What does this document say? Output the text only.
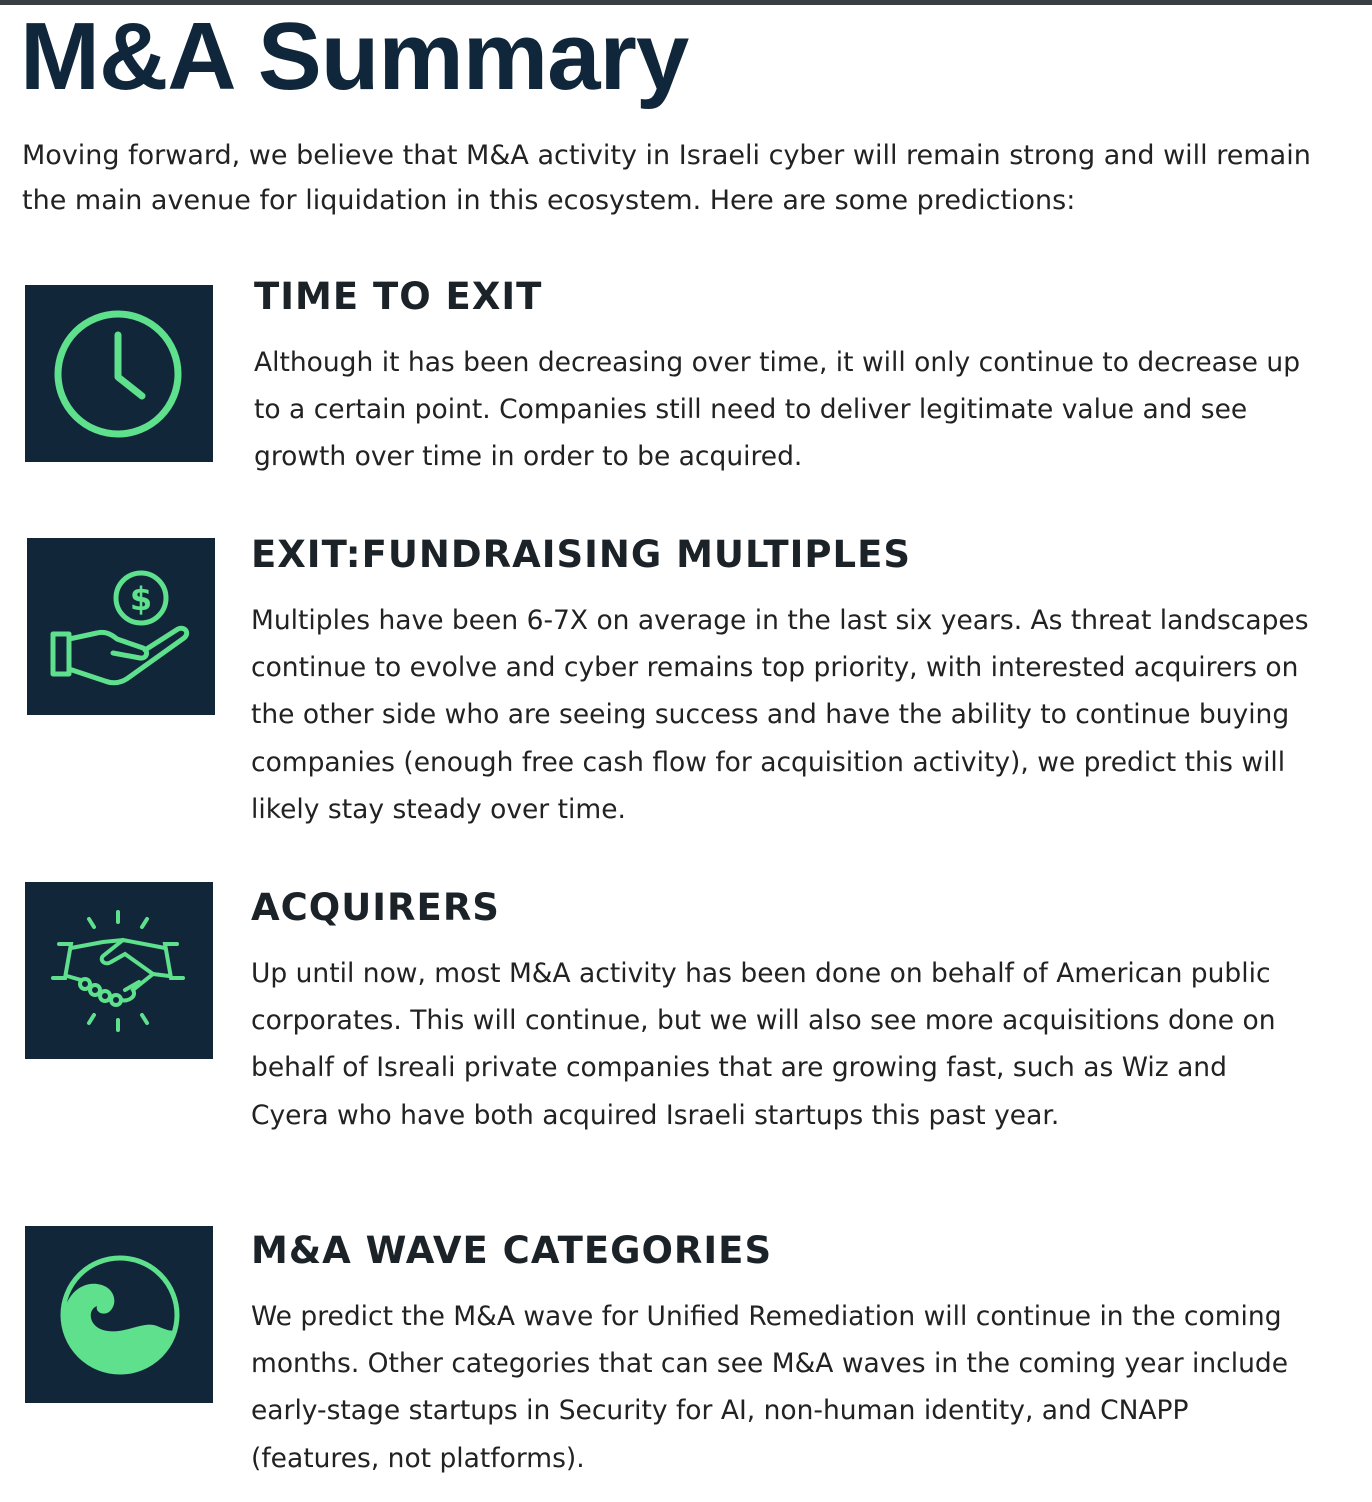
M&A Summary

Moving forward, we believe that M&A activity in Israeli cyber will remain strong and will remain the main avenue for liquidation in this ecosystem. Here are some predictions:

TIME TO EXIT

Although it has been decreasing over time, it will only continue to decrease up to a certain point. Companies still need to deliver legitimate value and see growth over time in order to be acquired.

$
EXIT:FUNDRAISING MULTIPLES

Multiples have been 6-7X on average in the last six years. As threat landscapes continue to evolve and cyber remains top priority, with interested acquirers on the other side who are seeing success and have the ability to continue buying companies (enough free cash flow for acquisition activity), we predict this will likely stay steady over time.

ACQUIRERS

Up until now, most M&A activity has been done on behalf of American public corporates. This will continue, but we will also see more acquisitions done on behalf of Isreali private companies that are growing fast, such as Wiz and Cyera who have both acquired Israeli startups this past year.

M&A WAVE CATEGORIES

We predict the M&A wave for Unified Remediation will continue in the coming months. Other categories that can see M&A waves in the coming year include early-stage startups in Security for AI, non-human identity, and CNAPP (features, not platforms).
